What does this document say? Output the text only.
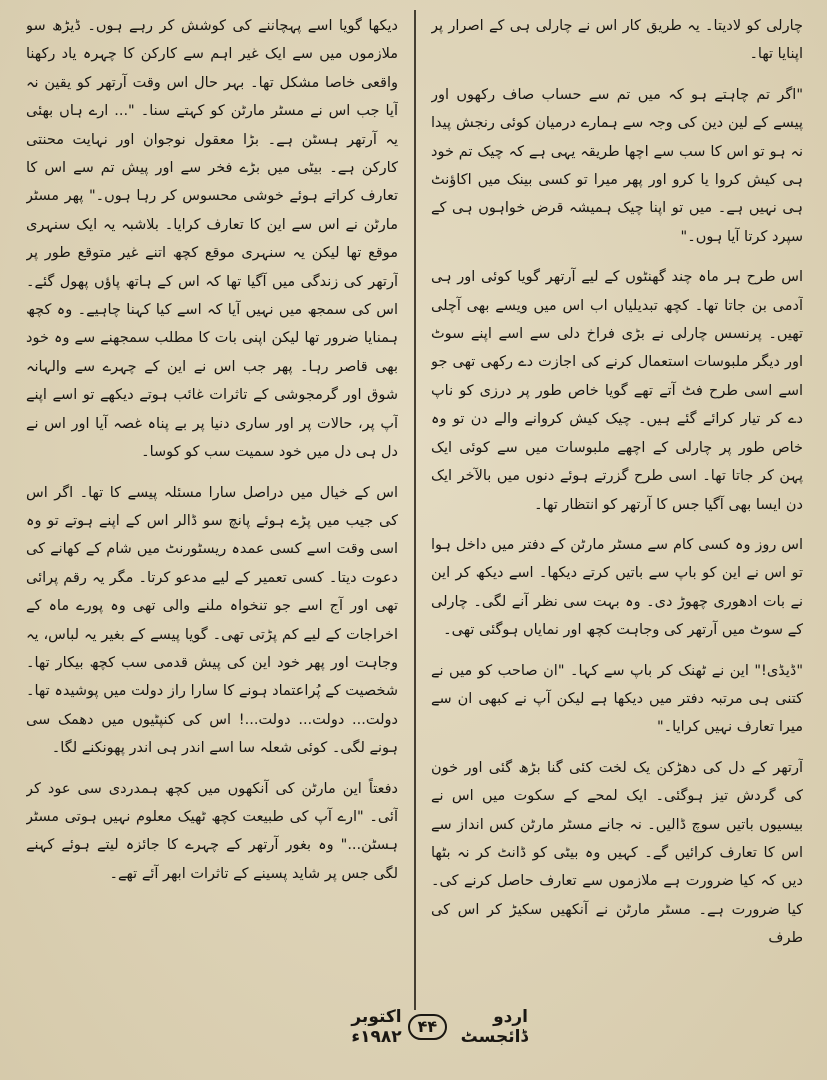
چارلی کو لادیتا۔ یہ طریق کار اس نے چارلی ہی کے اصرار پر اپنایا تھا۔

"اگر تم چاہتے ہو کہ میں تم سے حساب صاف رکھوں اور پیسے کے لین دین کی وجہ سے ہمارے درمیان کوئی رنجش پیدا نہ ہو تو اس کا سب سے اچھا طریقہ یہی ہے کہ چیک تم خود ہی کیش کروا یا کرو اور پھر میرا تو کسی بینک میں اکاؤنٹ ہی نہیں ہے۔ میں تو اپنا چیک ہمیشہ قرض خواہوں ہی کے سپرد کرتا آیا ہوں۔"

اس طرح ہر ماہ چند گھنٹوں کے لیے آرتھر گویا کوئی اور ہی آدمی بن جاتا تھا۔ کچھ تبدیلیاں اب اس میں ویسے بھی آچلی تھیں۔ پرنسس چارلی نے بڑی فراخ دلی سے اسے اپنے سوٹ اور دیگر ملبوسات استعمال کرنے کی اجازت دے رکھی تھی جو اسے اسی طرح فٹ آتے تھے گویا خاص طور پر درزی کو ناپ دے کر تیار کرائے گئے ہیں۔ چیک کیش کروانے والے دن تو وہ خاص طور پر چارلی کے اچھے ملبوسات میں سے کوئی ایک پہن کر جاتا تھا۔ اسی طرح گزرتے ہوئے دنوں میں بالآخر ایک دن ایسا بھی آگیا جس کا آرتھر کو انتظار تھا۔

اس روز وہ کسی کام سے مسٹر مارٹن کے دفتر میں داخل ہوا تو اس نے این کو باپ سے باتیں کرتے دیکھا۔ اسے دیکھ کر این نے بات ادھوری چھوڑ دی۔ وہ بہت سی نظر آنے لگی۔ چارلی کے سوٹ میں آرتھر کی وجاہت کچھ اور نمایاں ہوگئی تھی۔

"ڈیڈی!" این نے ٹھنک کر باپ سے کہا۔ "ان صاحب کو میں نے کتنی ہی مرتبہ دفتر میں دیکھا ہے لیکن آپ نے کبھی ان سے میرا تعارف نہیں کرایا۔"

آرتھر کے دل کی دھڑکن یک لخت کئی گنا بڑھ گئی اور خون کی گردش تیز ہوگئی۔ ایک لمحے کے سکوت میں اس نے بیسیوں باتیں سوچ ڈالیں۔ نہ جانے مسٹر مارٹن کس انداز سے اس کا تعارف کرائیں گے۔ کہیں وہ بیٹی کو ڈانٹ کر نہ بٹھا دیں کہ کیا ضرورت ہے ملازموں سے تعارف حاصل کرنے کی۔ کیا ضرورت ہے۔ مسٹر مارٹن نے آنکھیں سکیڑ کر اس کی طرف

دیکھا گویا اسے پہچاننے کی کوشش کر رہے ہوں۔ ڈیڑھ سو ملازموں میں سے ایک غیر اہم سے کارکن کا چہرہ یاد رکھنا واقعی خاصا مشکل تھا۔ بہر حال اس وقت آرتھر کو یقین نہ آیا جب اس نے مسٹر مارٹن کو کہتے سنا۔ "... ارے ہاں بھئی یہ آرتھر ہسٹن ہے۔ بڑا معقول نوجوان اور نہایت محنتی کارکن ہے۔ بیٹی میں بڑے فخر سے اور پیش تم سے اس کا تعارف کراتے ہوئے خوشی محسوس کر رہا ہوں۔" پھر مسٹر مارٹن نے اس سے این کا تعارف کرایا۔ بلاشبہ یہ ایک سنہری موقع تھا لیکن یہ سنہری موقع کچھ اتنے غیر متوقع طور پر آرتھر کی زندگی میں آگیا تھا کہ اس کے ہاتھ پاؤں پھول گئے۔ اس کی سمجھ میں نہیں آیا کہ اسے کیا کہنا چاہیے۔ وہ کچھ ہمنایا ضرور تھا لیکن اپنی بات کا مطلب سمجھنے سے وہ خود بھی قاصر رہا۔ پھر جب اس نے این کے چہرے سے والہانہ شوق اور گرمجوشی کے تاثرات غائب ہوتے دیکھے تو اسے اپنے آپ پر، حالات پر اور ساری دنیا پر بے پناہ غصہ آیا اور اس نے دل ہی دل میں خود سمیت سب کو کوسا۔

اس کے خیال میں دراصل سارا مسئلہ پیسے کا تھا۔ اگر اس کی جیب میں پڑے ہوئے پانچ سو ڈالر اس کے اپنے ہوتے تو وہ اسی وقت اسے کسی عمدہ ریسٹورنٹ میں شام کے کھانے کی دعوت دیتا۔ کسی تعمیر کے لیے مدعو کرتا۔ مگر یہ رقم پرائی تھی اور آج اسے جو تنخواہ ملنے والی تھی وہ پورے ماہ کے اخراجات کے لیے کم پڑتی تھی۔ گویا پیسے کے بغیر یہ لباس، یہ وجاہت اور پھر خود این کی پیش قدمی سب کچھ بیکار تھا۔ شخصیت کے پُراعتماد ہونے کا سارا راز دولت میں پوشیدہ تھا۔ دولت... دولت... دولت...! اس کی کنپٹیوں میں دھمک سی ہونے لگی۔ کوئی شعلہ سا اسے اندر ہی اندر پھونکنے لگا۔

دفعتاً این مارٹن کی آنکھوں میں کچھ ہمدردی سی عود کر آئی۔ "ارے آپ کی طبیعت کچھ ٹھیک معلوم نہیں ہوتی مسٹر ہسٹن..." وہ بغور آرتھر کے چہرے کا جائزہ لیتے ہوئے کہنے لگی جس پر شاید پسینے کے تاثرات ابھر آئے تھے۔

اردو ڈائجسٹ
۴۴
اکتوبر ۱۹۸۲ء
